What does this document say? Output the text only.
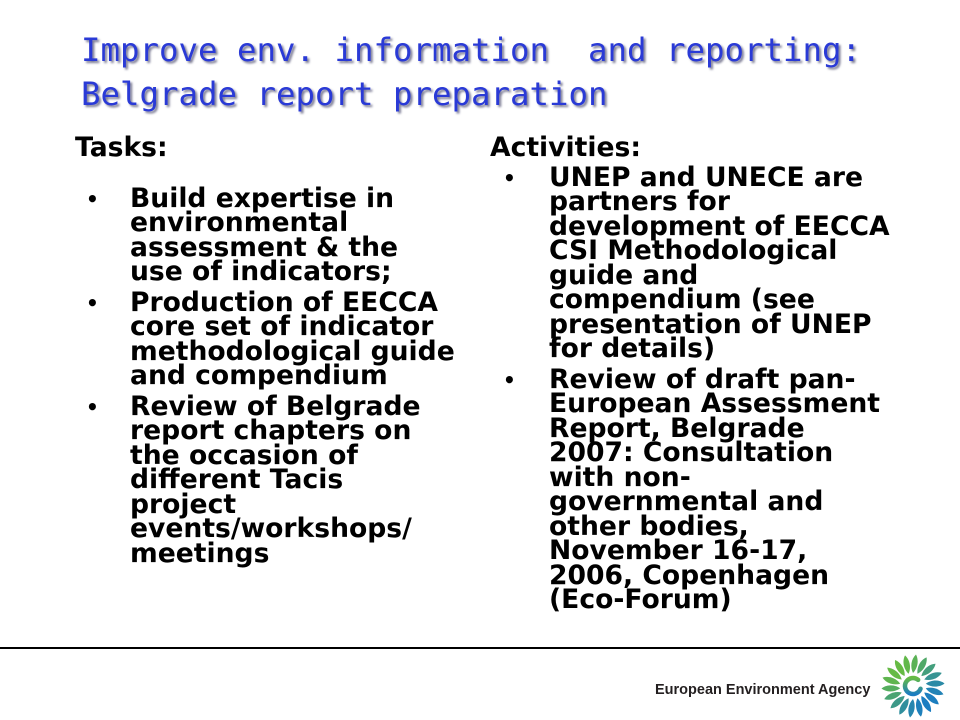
Improve env. information  and reporting:
Belgrade report preparation
Tasks:
• Build expertise in
environmental
assessment & the
use of indicators;
• Production of EECCA
core set of indicator
methodological guide
and compendium
• Review of Belgrade
report chapters on
the occasion of
different Tacis
project
events/workshops/
meetings
Activities:
• UNEP and UNECE are
partners for
development of EECCA
CSI Methodological
guide and
compendium (see
presentation of UNEP
for details)
• Review of draft pan-
European Assessment
Report, Belgrade
2007: Consultation
with non-
governmental and
other bodies,
November 16-17,
2006, Copenhagen
(Eco-Forum)
European Environment Agency
